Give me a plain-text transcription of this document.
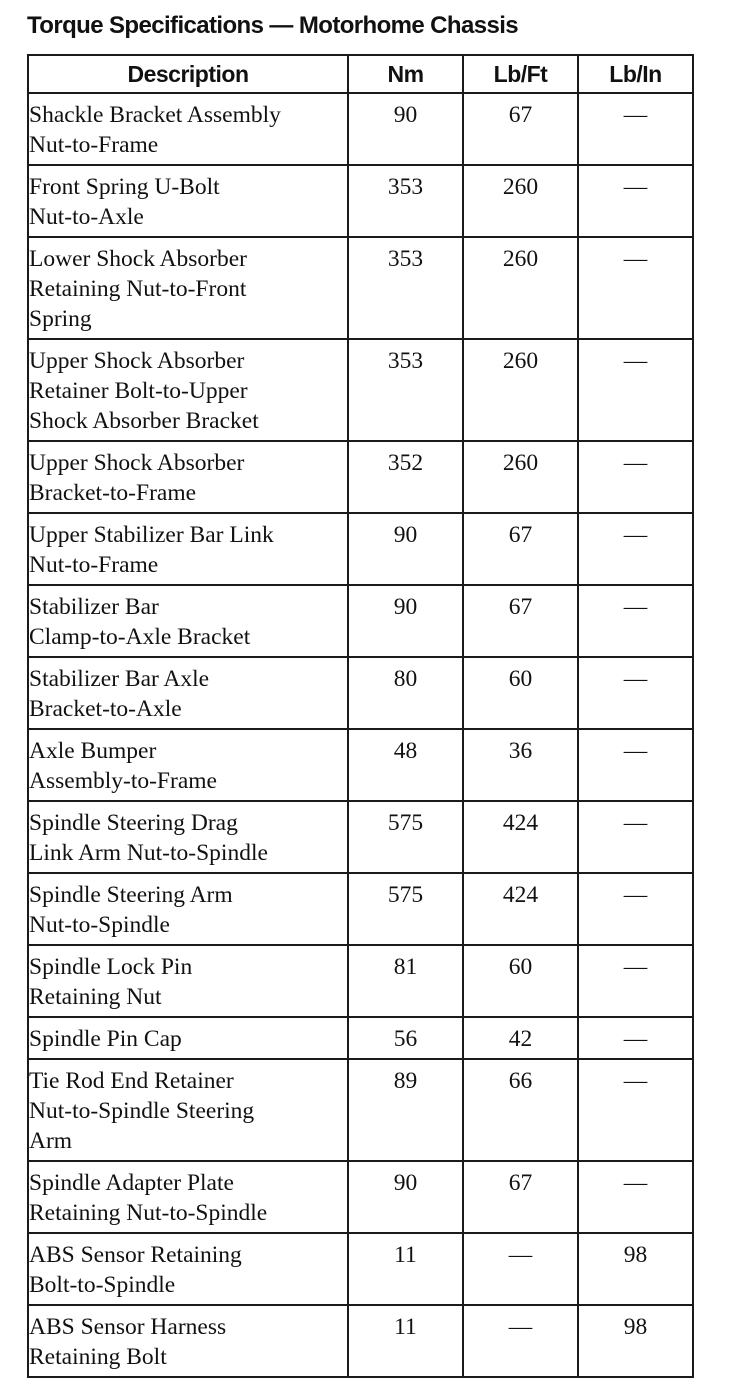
Torque Specifications — Motorhome Chassis
Description	Nm	Lb/Ft	Lb/In
Shackle Bracket Assembly
Nut-to-Frame	90	67	—
Front Spring U-Bolt
Nut-to-Axle	353	260	—
Lower Shock Absorber
Retaining Nut-to-Front
Spring	353	260	—
Upper Shock Absorber
Retainer Bolt-to-Upper
Shock Absorber Bracket	353	260	—
Upper Shock Absorber
Bracket-to-Frame	352	260	—
Upper Stabilizer Bar Link
Nut-to-Frame	90	67	—
Stabilizer Bar
Clamp-to-Axle Bracket	90	67	—
Stabilizer Bar Axle
Bracket-to-Axle	80	60	—
Axle Bumper
Assembly-to-Frame	48	36	—
Spindle Steering Drag
Link Arm Nut-to-Spindle	575	424	—
Spindle Steering Arm
Nut-to-Spindle	575	424	—
Spindle Lock Pin
Retaining Nut	81	60	—
Spindle Pin Cap	56	42	—
Tie Rod End Retainer
Nut-to-Spindle Steering
Arm	89	66	—
Spindle Adapter Plate
Retaining Nut-to-Spindle	90	67	—
ABS Sensor Retaining
Bolt-to-Spindle	11	—	98
ABS Sensor Harness
Retaining Bolt	11	—	98
